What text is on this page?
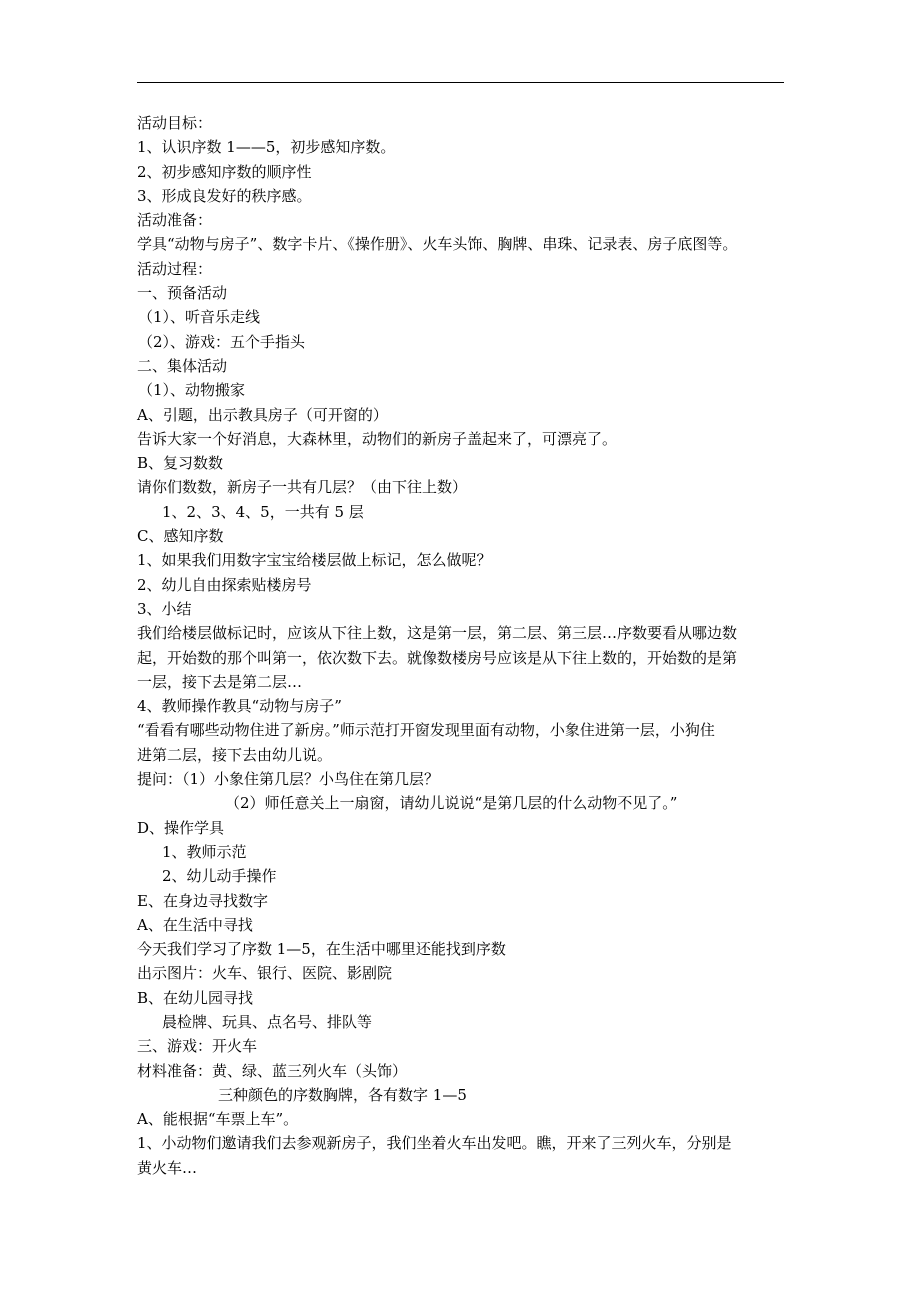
活动目标：
1、认识序数 1——5，初步感知序数。
2、初步感知序数的顺序性
3、形成良发好的秩序感。
活动准备：
学具“动物与房子”、数字卡片、《操作册》、火车头饰、胸牌、串珠、记录表、房子底图等。
活动过程：
一、预备活动
（1）、听音乐走线
（2）、游戏：五个手指头
二、集体活动
（1）、动物搬家
A、引题，出示教具房子（可开窗的）
告诉大家一个好消息，大森林里，动物们的新房子盖起来了，可漂亮了。
B、复习数数
请你们数数，新房子一共有几层？（由下往上数）
1、2、3、4、5，一共有 5 层
C、感知序数
1、如果我们用数字宝宝给楼层做上标记，怎么做呢？
2、幼儿自由探索贴楼房号
3、小结
我们给楼层做标记时，应该从下往上数，这是第一层，第二层、第三层…序数要看从哪边数
起，开始数的那个叫第一，依次数下去。就像数楼房号应该是从下往上数的，开始数的是第
一层，接下去是第二层…
4、教师操作教具“动物与房子”
“看看有哪些动物住进了新房。”师示范打开窗发现里面有动物，小象住进第一层，小狗住
进第二层，接下去由幼儿说。
提问：（1）小象住第几层？小鸟住在第几层？
（2）师任意关上一扇窗，请幼儿说说“是第几层的什么动物不见了。”
D、操作学具
1、教师示范
2、幼儿动手操作
E、在身边寻找数字
A、在生活中寻找
今天我们学习了序数 1—5，在生活中哪里还能找到序数
出示图片：火车、银行、医院、影剧院
B、在幼儿园寻找
晨检牌、玩具、点名号、排队等
三、游戏：开火车
材料准备：黄、绿、蓝三列火车（头饰）
三种颜色的序数胸牌，各有数字 1—5
A、能根据“车票上车”。
1、小动物们邀请我们去参观新房子，我们坐着火车出发吧。瞧，开来了三列火车，分别是
黄火车…
